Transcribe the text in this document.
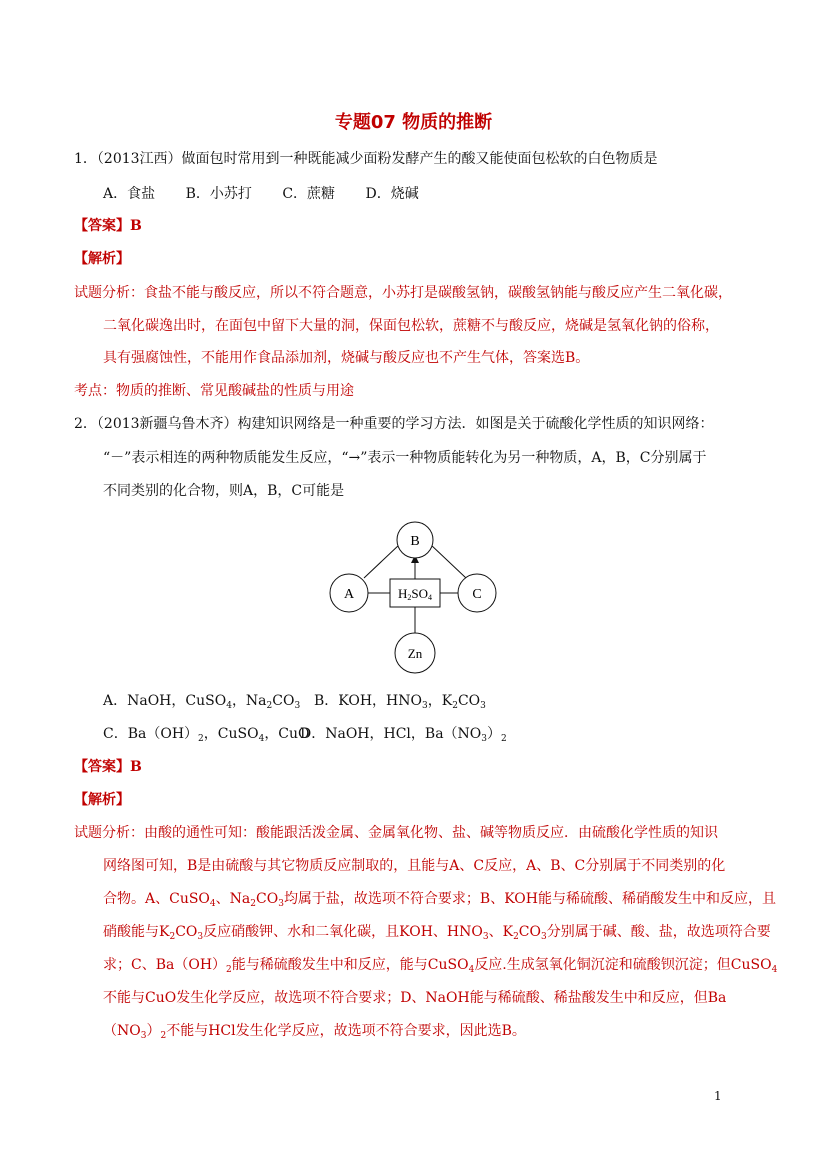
专题07 物质的推断
1．（2013江西）做面包时常用到一种既能减少面粉发酵产生的酸又能使面包松软的白色物质是
A．食盐 B．小苏打 C．蔗糖 D．烧碱
【答案】B
【解析】
试题分析：食盐不能与酸反应，所以不符合题意，小苏打是碳酸氢钠，碳酸氢钠能与酸反应产生二氧化碳，
二氧化碳逸出时，在面包中留下大量的洞，保面包松软，蔗糖不与酸反应，烧碱是氢氧化钠的俗称，
具有强腐蚀性，不能用作食品添加剂，烧碱与酸反应也不产生气体，答案选B。
考点：物质的推断、常见酸碱盐的性质与用途
2．（2013新疆乌鲁木齐）构建知识网络是一种重要的学习方法．如图是关于硫酸化学性质的知识网络：
“－”表示相连的两种物质能发生反应，“→”表示一种物质能转化为另一种物质，A，B，C分别属于
不同类别的化合物，则A，B，C可能是
B
A	C
Zn
H2SO4
A．NaOH，CuSO$_4$，$Na_2CO_3$ B．KOH，$HNO_3$，$K_2CO_3$
C．$Ba(OH)_2$，CuSO$_4$，CuO
D．NaOH，HCl，$Ba(NO_3)_2$
【答案】B
【解析】
试题分析：由酸的通性可知：酸能跟活泼金属、金属氧化物、盐、碱等物质反应．由硫酸化学性质的知识
网络图可知，B是由硫酸与其它物质反应制取的，且能与A、C反应，A、B、C分别属于不同类别的化
合物。A、CuSO$_4$、$Na_2CO_3$均属于盐，故选项不符合要求；B、KOH能与稀硫酸、稀硝酸发生中和反应，且
硝酸能与$K_2CO_3$反应硝酸钾、水和二氧化碳，且KOH、$HNO_3$、$K_2CO_3$分别属于碱、酸、盐，故选项符合要
求；C、$Ba(OH)_2$能与稀硫酸发生中和反应，能与CuSO$_4$反应.生成氢氧化铜沉淀和硫酸钡沉淀；但CuSO$_4$
不能与CuO发生化学反应，故选项不符合要求；D、NaOH能与稀硫酸、稀盐酸发生中和反应，但Ba
$(NO_3)_2$不能与HCl发生化学反应，故选项不符合要求，因此选B。
1
